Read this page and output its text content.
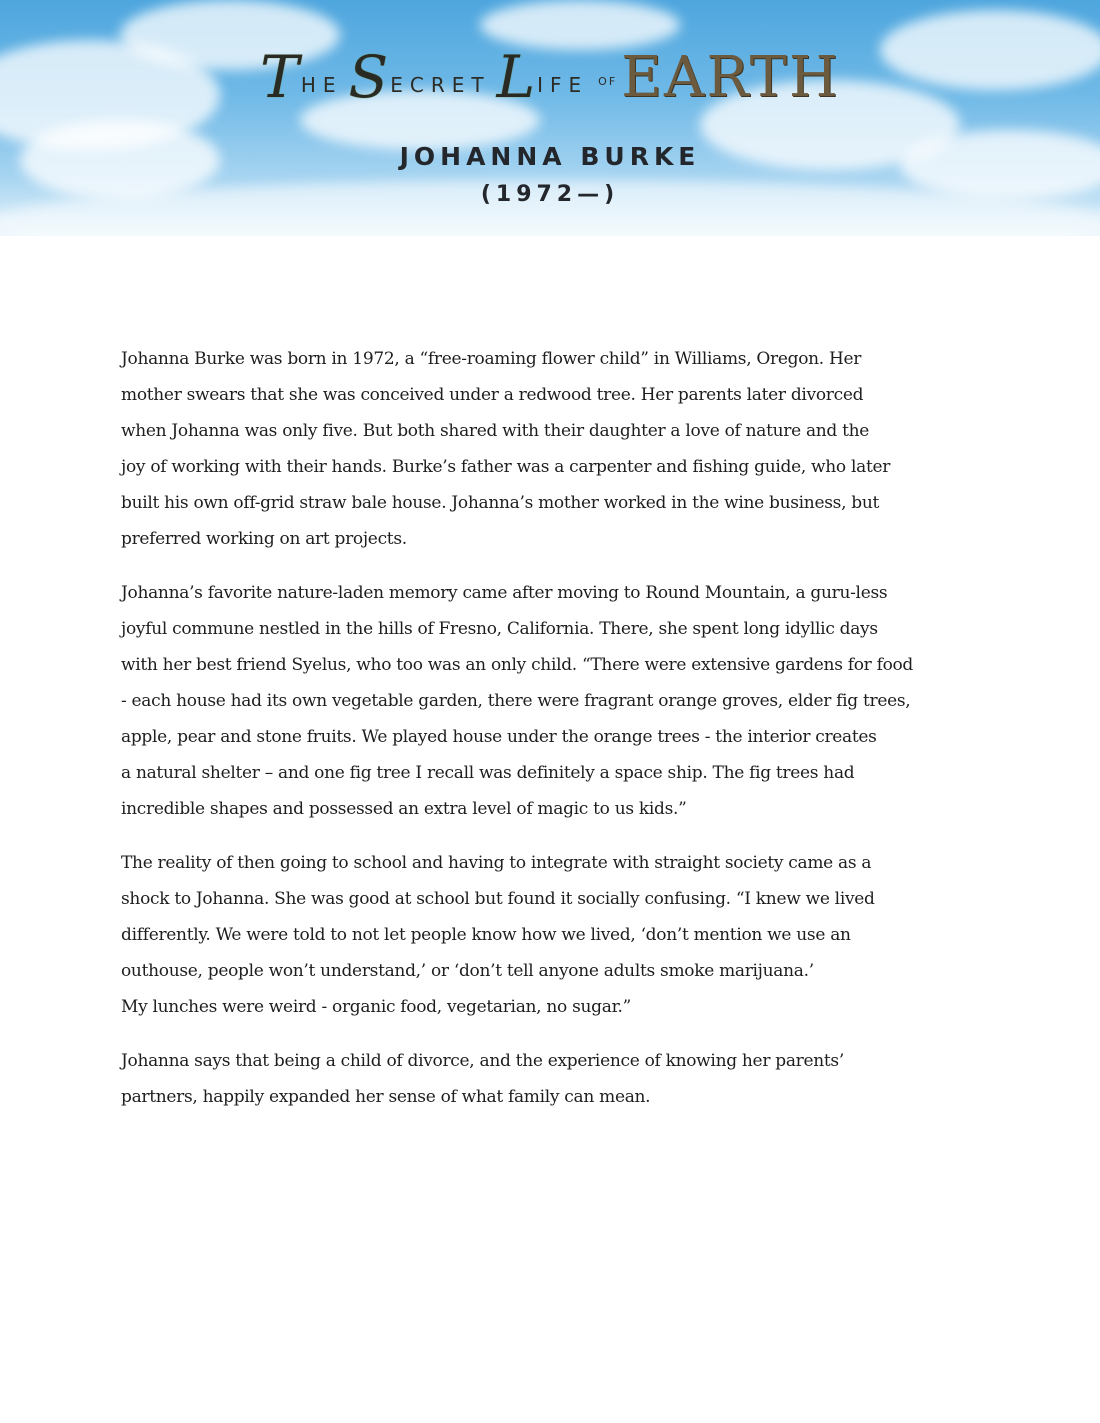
T HE S ECRET L IFE OF EARTH
JOHANNA BURKE
(1972—)

Johanna Burke was born in 1972, a “free-roaming flower child” in Williams, Oregon. Her
mother swears that she was conceived under a redwood tree. Her parents later divorced
when Johanna was only five. But both shared with their daughter a love of nature and the
joy of working with their hands. Burke’s father was a carpenter and fishing guide, who later
built his own off-grid straw bale house. Johanna’s mother worked in the wine business, but
preferred working on art projects.

Johanna’s favorite nature-laden memory came after moving to Round Mountain, a guru-less
joyful commune nestled in the hills of Fresno, California. There, she spent long idyllic days
with her best friend Syelus, who too was an only child. “There were extensive gardens for food
- each house had its own vegetable garden, there were fragrant orange groves, elder fig trees,
apple, pear and stone fruits. We played house under the orange trees - the interior creates
a natural shelter – and one fig tree I recall was definitely a space ship. The fig trees had
incredible shapes and possessed an extra level of magic to us kids.”

The reality of then going to school and having to integrate with straight society came as a
shock to Johanna. She was good at school but found it socially confusing. “I knew we lived
differently. We were told to not let people know how we lived, ‘don’t mention we use an
outhouse, people won’t understand,’ or ‘don’t tell anyone adults smoke marijuana.’
My lunches were weird - organic food, vegetarian, no sugar.”

Johanna says that being a child of divorce, and the experience of knowing her parents’
partners, happily expanded her sense of what family can mean.
